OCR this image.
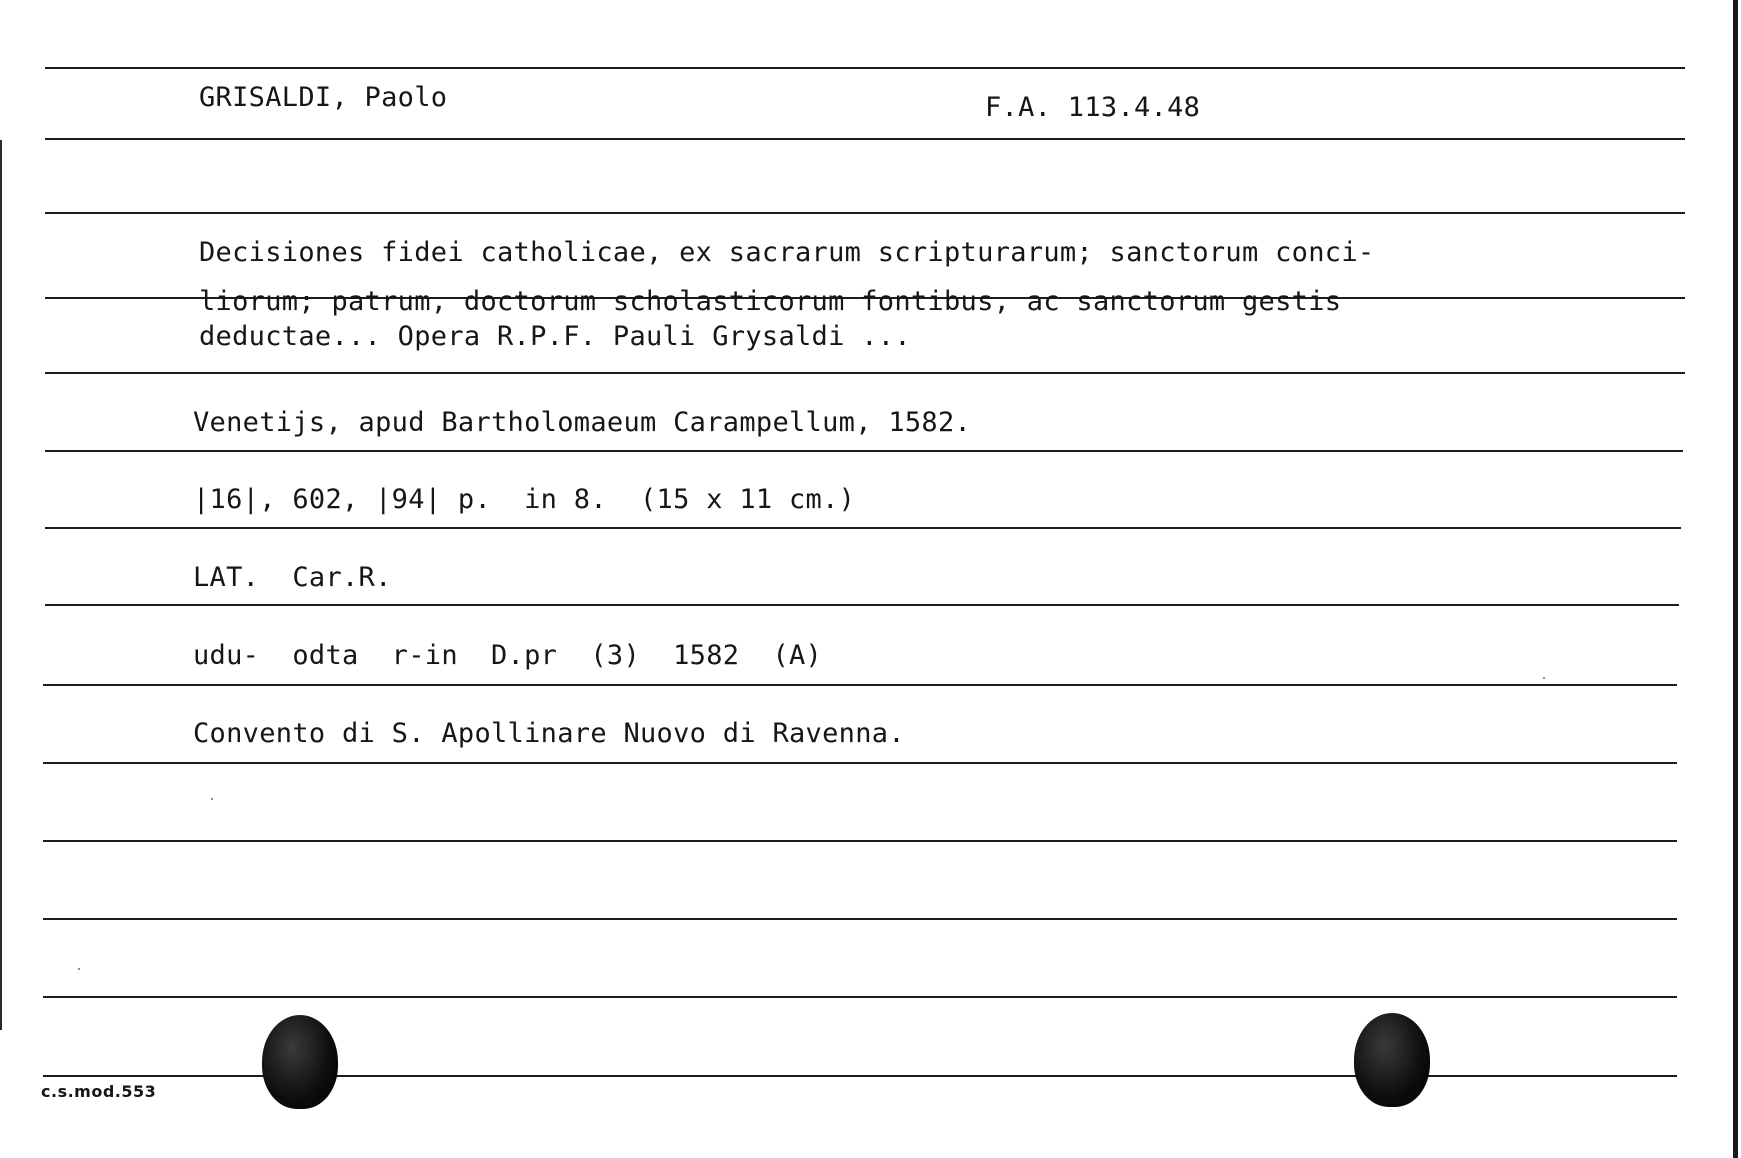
GRISALDI, Paolo	F.A. 113.4.48
Decisiones fidei catholicae, ex sacrarum scripturarum; sanctorum conci-
liorum; patrum, doctorum scholasticorum fontibus, ac sanctorum gestis
deductae... Opera R.P.F. Pauli Grysaldi ...
Venetijs, apud Bartholomaeum Carampellum, 1582.
|16|, 602, |94| p.  in 8.  (15 x 11 cm.)
LAT.  Car.R.
udu-  odta  r-in  D.pr  (3)  1582  (A)
Convento di S. Apollinare Nuovo di Ravenna.
c.s.mod.553
